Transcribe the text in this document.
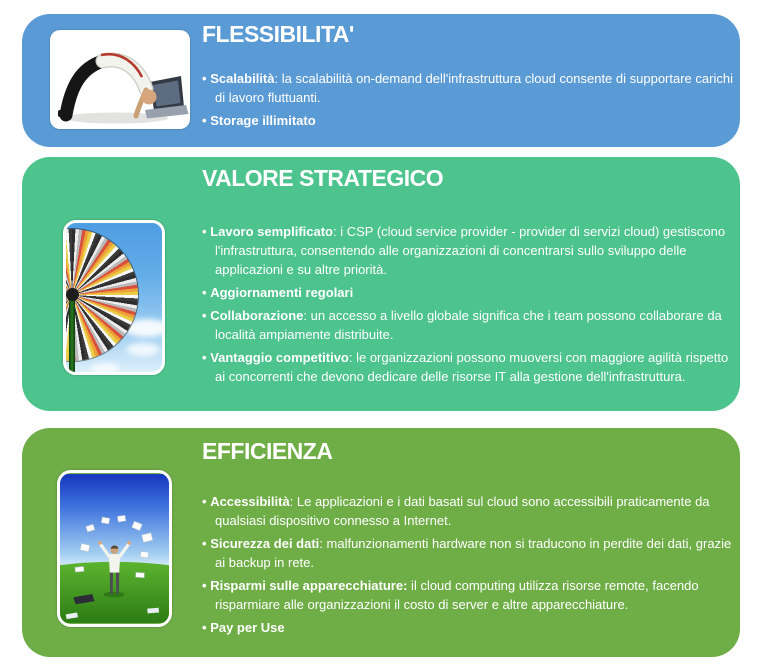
FLESSIBILITA'
• Scalabilità: la scalabilità on-demand dell'infrastruttura cloud consente di supportare carichi di lavoro fluttuanti.
• Storage illimitato
VALORE STRATEGICO
• Lavoro semplificato: i CSP (cloud service provider - provider di servizi cloud) gestiscono l'infrastruttura, consentendo alle organizzazioni di concentrarsi sullo sviluppo delle applicazioni e su altre priorità.
• Aggiornamenti regolari
• Collaborazione: un accesso a livello globale significa che i team possono collaborare da località ampiamente distribuite.
• Vantaggio competitivo: le organizzazioni possono muoversi con maggiore agilità rispetto ai concorrenti che devono dedicare delle risorse IT alla gestione dell'infrastruttura.
EFFICIENZA
• Accessibilità: Le applicazioni e i dati basati sul cloud sono accessibili praticamente da qualsiasi dispositivo connesso a Internet.
• Sicurezza dei dati: malfunzionamenti hardware non si traducono in perdite dei dati, grazie ai backup in rete.
• Risparmi sulle apparecchiature: il cloud computing utilizza risorse remote, facendo risparmiare alle organizzazioni il costo di server e altre apparecchiature.
• Pay per Use
